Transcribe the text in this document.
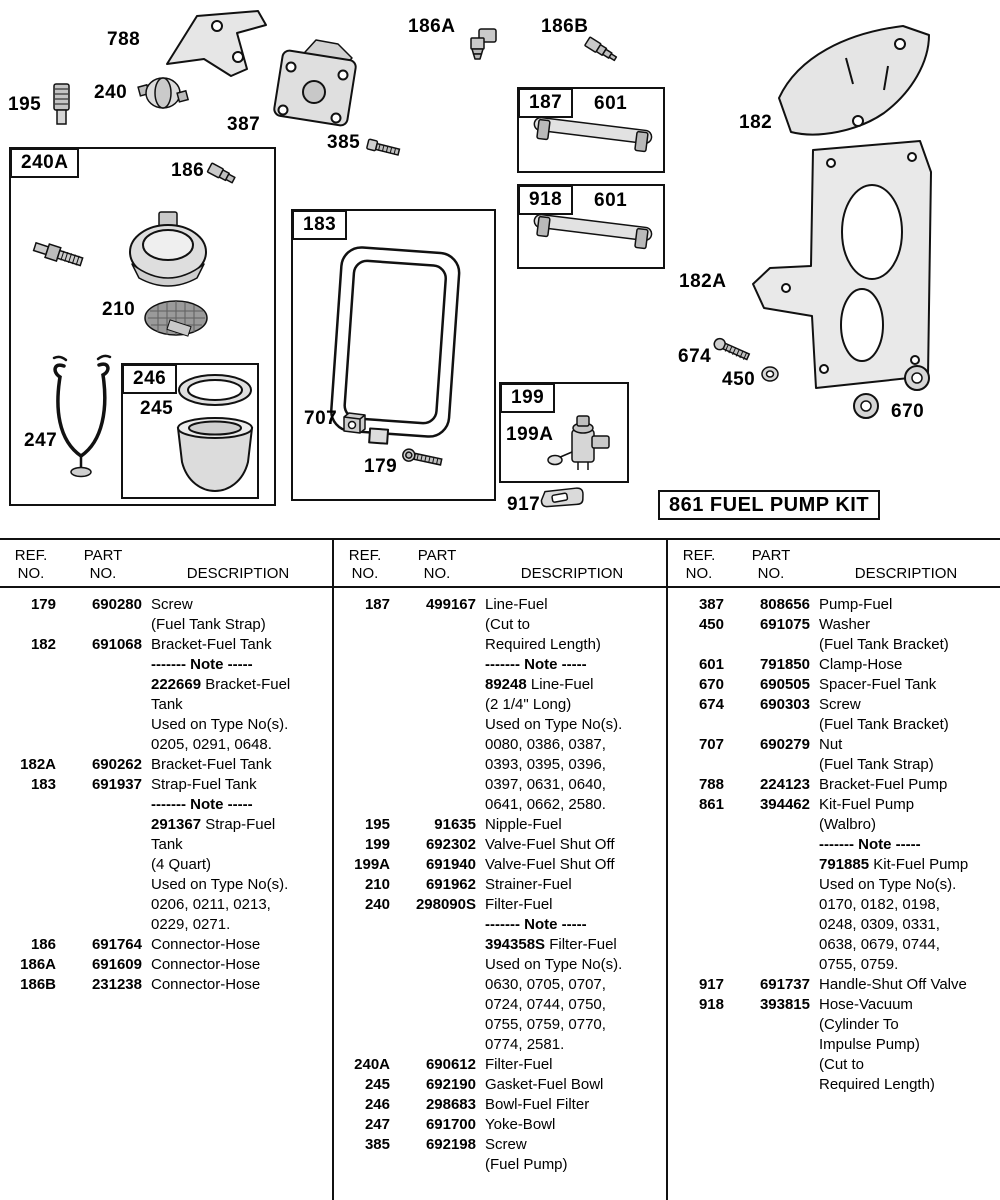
788
186A	186B
195
240
387
385
187	601
918	601
182
240A	186
183
210
246
245
247
707
179
182A
674
450
670
199
199A
917	861 FUEL PUMP KIT
REF.
NO.
PART
NO.	DESCRIPTION
179	690280 Screw
(Fuel Tank Strap)
182	691068 Bracket-Fuel Tank
------- Note -----
222669 Bracket-Fuel
Tank
Used on Type No(s).
0205, 0291, 0648.
182A	690262 Bracket-Fuel Tank
183	691937 Strap-Fuel Tank
------- Note -----
291367 Strap-Fuel
Tank
(4 Quart)
Used on Type No(s).
0206, 0211, 0213,
0229, 0271.
186	691764 Connector-Hose
186A	691609 Connector-Hose
186B	231238 Connector-Hose
REF.
NO.
PART
NO.	DESCRIPTION
187	499167 Line-Fuel
(Cut to
Required Length)
------- Note -----
89248 Line-Fuel
(2 1/4" Long)
Used on Type No(s).
0080, 0386, 0387,
0393, 0395, 0396,
0397, 0631, 0640,
0641, 0662, 2580.
195	91635 Nipple-Fuel
199	692302 Valve-Fuel Shut Off
199A	691940 Valve-Fuel Shut Off
210	691962 Strainer-Fuel
240	298090S Filter-Fuel
------- Note -----
394358S Filter-Fuel
Used on Type No(s).
0630, 0705, 0707,
0724, 0744, 0750,
0755, 0759, 0770,
0774, 2581.
240A	690612 Filter-Fuel
245	692190 Gasket-Fuel Bowl
246	298683 Bowl-Fuel Filter
247	691700 Yoke-Bowl
385	692198 Screw
(Fuel Pump)
REF.
NO.
PART
NO.	DESCRIPTION
387	808656 Pump-Fuel
450	691075 Washer
(Fuel Tank Bracket)
601	791850 Clamp-Hose
670	690505 Spacer-Fuel Tank
674	690303 Screw
(Fuel Tank Bracket)
707	690279 Nut
(Fuel Tank Strap)
788	224123 Bracket-Fuel Pump
861	394462 Kit-Fuel Pump
(Walbro)
------- Note -----
791885 Kit-Fuel Pump
Used on Type No(s).
0170, 0182, 0198,
0248, 0309, 0331,
0638, 0679, 0744,
0755, 0759.
917	691737 Handle-Shut Off Valve
918	393815 Hose-Vacuum
(Cylinder To
Impulse Pump)
(Cut to
Required Length)
